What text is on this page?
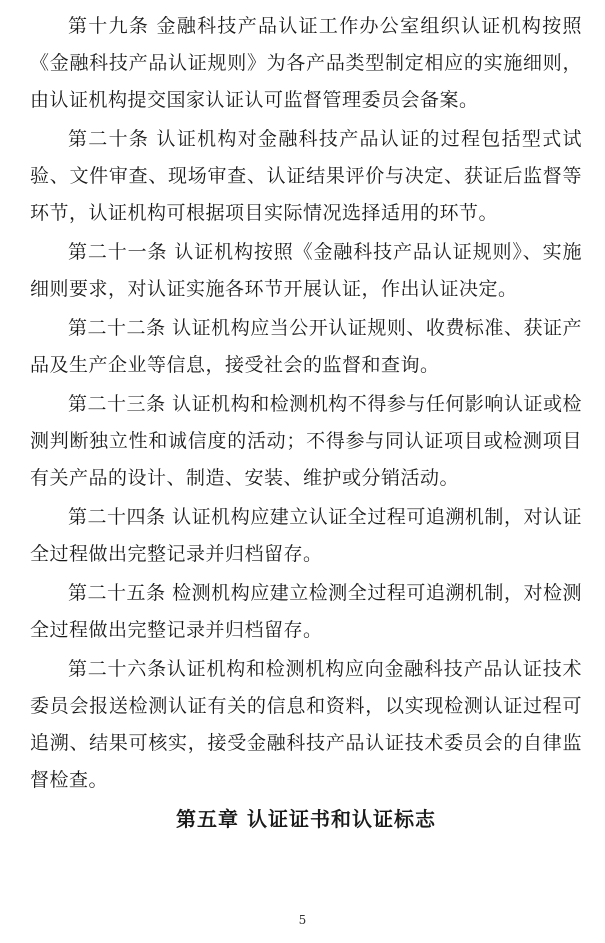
第十九条 金融科技产品认证工作办公室组织认证机构按照《金融科技产品认证规则》为各产品类型制定相应的实施细则，由认证机构提交国家认证认可监督管理委员会备案。

第二十条 认证机构对金融科技产品认证的过程包括型式试验、文件审查、现场审查、认证结果评价与决定、获证后监督等环节，认证机构可根据项目实际情况选择适用的环节。

第二十一条 认证机构按照《金融科技产品认证规则》、实施细则要求，对认证实施各环节开展认证，作出认证决定。

第二十二条 认证机构应当公开认证规则、收费标准、获证产品及生产企业等信息，接受社会的监督和查询。

第二十三条 认证机构和检测机构不得参与任何影响认证或检测判断独立性和诚信度的活动；不得参与同认证项目或检测项目有关产品的设计、制造、安装、维护或分销活动。

第二十四条 认证机构应建立认证全过程可追溯机制，对认证全过程做出完整记录并归档留存。

第二十五条 检测机构应建立检测全过程可追溯机制，对检测全过程做出完整记录并归档留存。

第二十六条认证机构和检测机构应向金融科技产品认证技术委员会报送检测认证有关的信息和资料，以实现检测认证过程可追溯、结果可核实，接受金融科技产品认证技术委员会的自律监督检查。

第五章 认证证书和认证标志
5
